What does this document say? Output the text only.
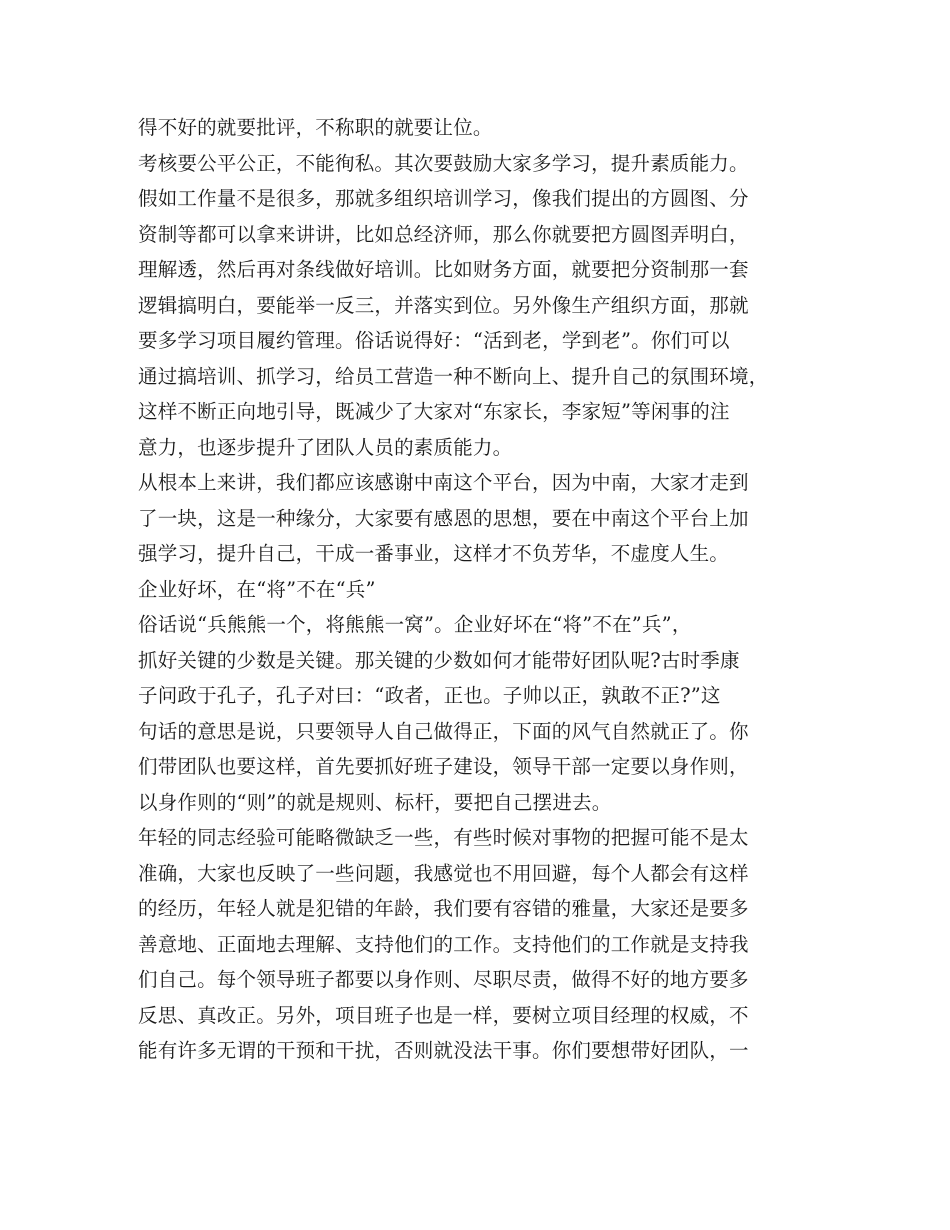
得不好的就要批评，不称职的就要让位。
考核要公平公正，不能徇私。其次要鼓励大家多学习，提升素质能力。
假如工作量不是很多，那就多组织培训学习，像我们提出的方圆图、分
资制等都可以拿来讲讲，比如总经济师，那么你就要把方圆图弄明白，
理解透，然后再对条线做好培训。比如财务方面，就要把分资制那一套
逻辑搞明白，要能举一反三，并落实到位。另外像生产组织方面，那就
要多学习项目履约管理。俗话说得好：“活到老，学到老”。你们可以
通过搞培训、抓学习，给员工营造一种不断向上、提升自己的氛围环境，
这样不断正向地引导，既减少了大家对“东家长，李家短”等闲事的注
意力，也逐步提升了团队人员的素质能力。
从根本上来讲，我们都应该感谢中南这个平台，因为中南，大家才走到
了一块，这是一种缘分，大家要有感恩的思想，要在中南这个平台上加
强学习，提升自己，干成一番事业，这样才不负芳华，不虚度人生。
企业好坏，在“将”不在“兵”
俗话说“兵熊熊一个，将熊熊一窝”。企业好坏在“将”不在”兵”，
抓好关键的少数是关键。那关键的少数如何才能带好团队呢?古时季康
子问政于孔子，孔子对曰：“政者，正也。子帅以正，孰敢不正?”这
句话的意思是说，只要领导人自己做得正，下面的风气自然就正了。你
们带团队也要这样，首先要抓好班子建设，领导干部一定要以身作则，
以身作则的“则”的就是规则、标杆，要把自己摆进去。
年轻的同志经验可能略微缺乏一些，有些时候对事物的把握可能不是太
准确，大家也反映了一些问题，我感觉也不用回避，每个人都会有这样
的经历，年轻人就是犯错的年龄，我们要有容错的雅量，大家还是要多
善意地、正面地去理解、支持他们的工作。支持他们的工作就是支持我
们自己。每个领导班子都要以身作则、尽职尽责，做得不好的地方要多
反思、真改正。另外，项目班子也是一样，要树立项目经理的权威，不
能有许多无谓的干预和干扰，否则就没法干事。你们要想带好团队，一
